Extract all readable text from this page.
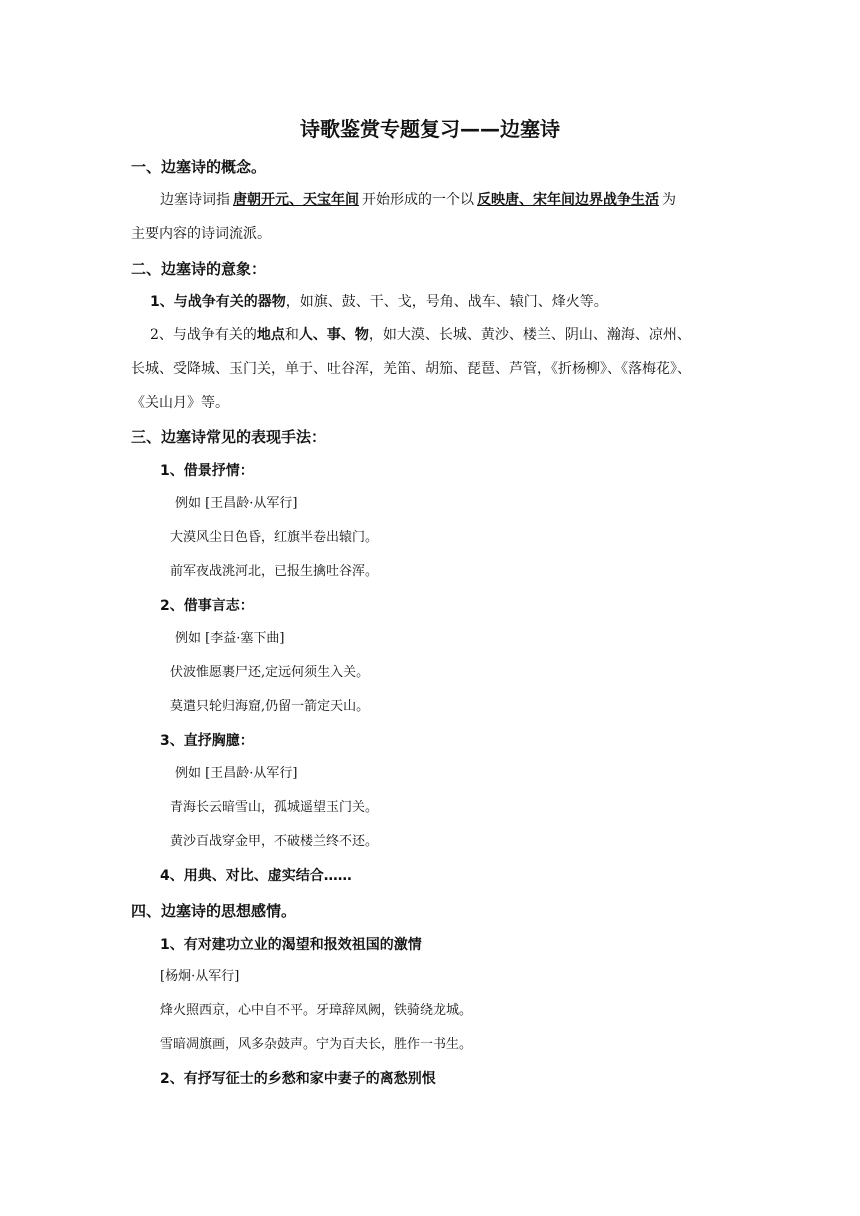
诗歌鉴赏专题复习——边塞诗
一、边塞诗的概念。
边塞诗词指 唐朝开元、天宝年间 开始形成的一个以 反映唐、宋年间边界战争生活 为
主要内容的诗词流派。
二、边塞诗的意象：
1、与战争有关的器物，如旗、鼓、干、戈，号角、战车、辕门、烽火等。
2、与战争有关的地点和人、事、物，如大漠、长城、黄沙、楼兰、阴山、瀚海、凉州、
长城、受降城、玉门关，单于、吐谷浑，羌笛、胡笳、琵琶、芦管，《折杨柳》、《落梅花》、
《关山月》等。
三、边塞诗常见的表现手法：
1、借景抒情：
例如 [王昌龄·从军行]
大漠风尘日色昏，红旗半卷出辕门。
前军夜战洮河北，已报生擒吐谷浑。
2、借事言志：
例如 [李益·塞下曲]
伏波惟愿裹尸还,定远何须生入关。
莫遣只轮归海窟,仍留一箭定天山。
3、直抒胸臆：
例如 [王昌龄·从军行]
青海长云暗雪山，孤城遥望玉门关。
黄沙百战穿金甲，不破楼兰终不还。
4、用典、对比、虚实结合……
四、边塞诗的思想感情。
1、有对建功立业的渴望和报效祖国的激情
[杨炯·从军行]
烽火照西京，心中自不平。牙璋辞凤阙，铁骑绕龙城。
雪暗凋旗画，风多杂鼓声。宁为百夫长，胜作一书生。
2、有抒写征士的乡愁和家中妻子的离愁别恨
